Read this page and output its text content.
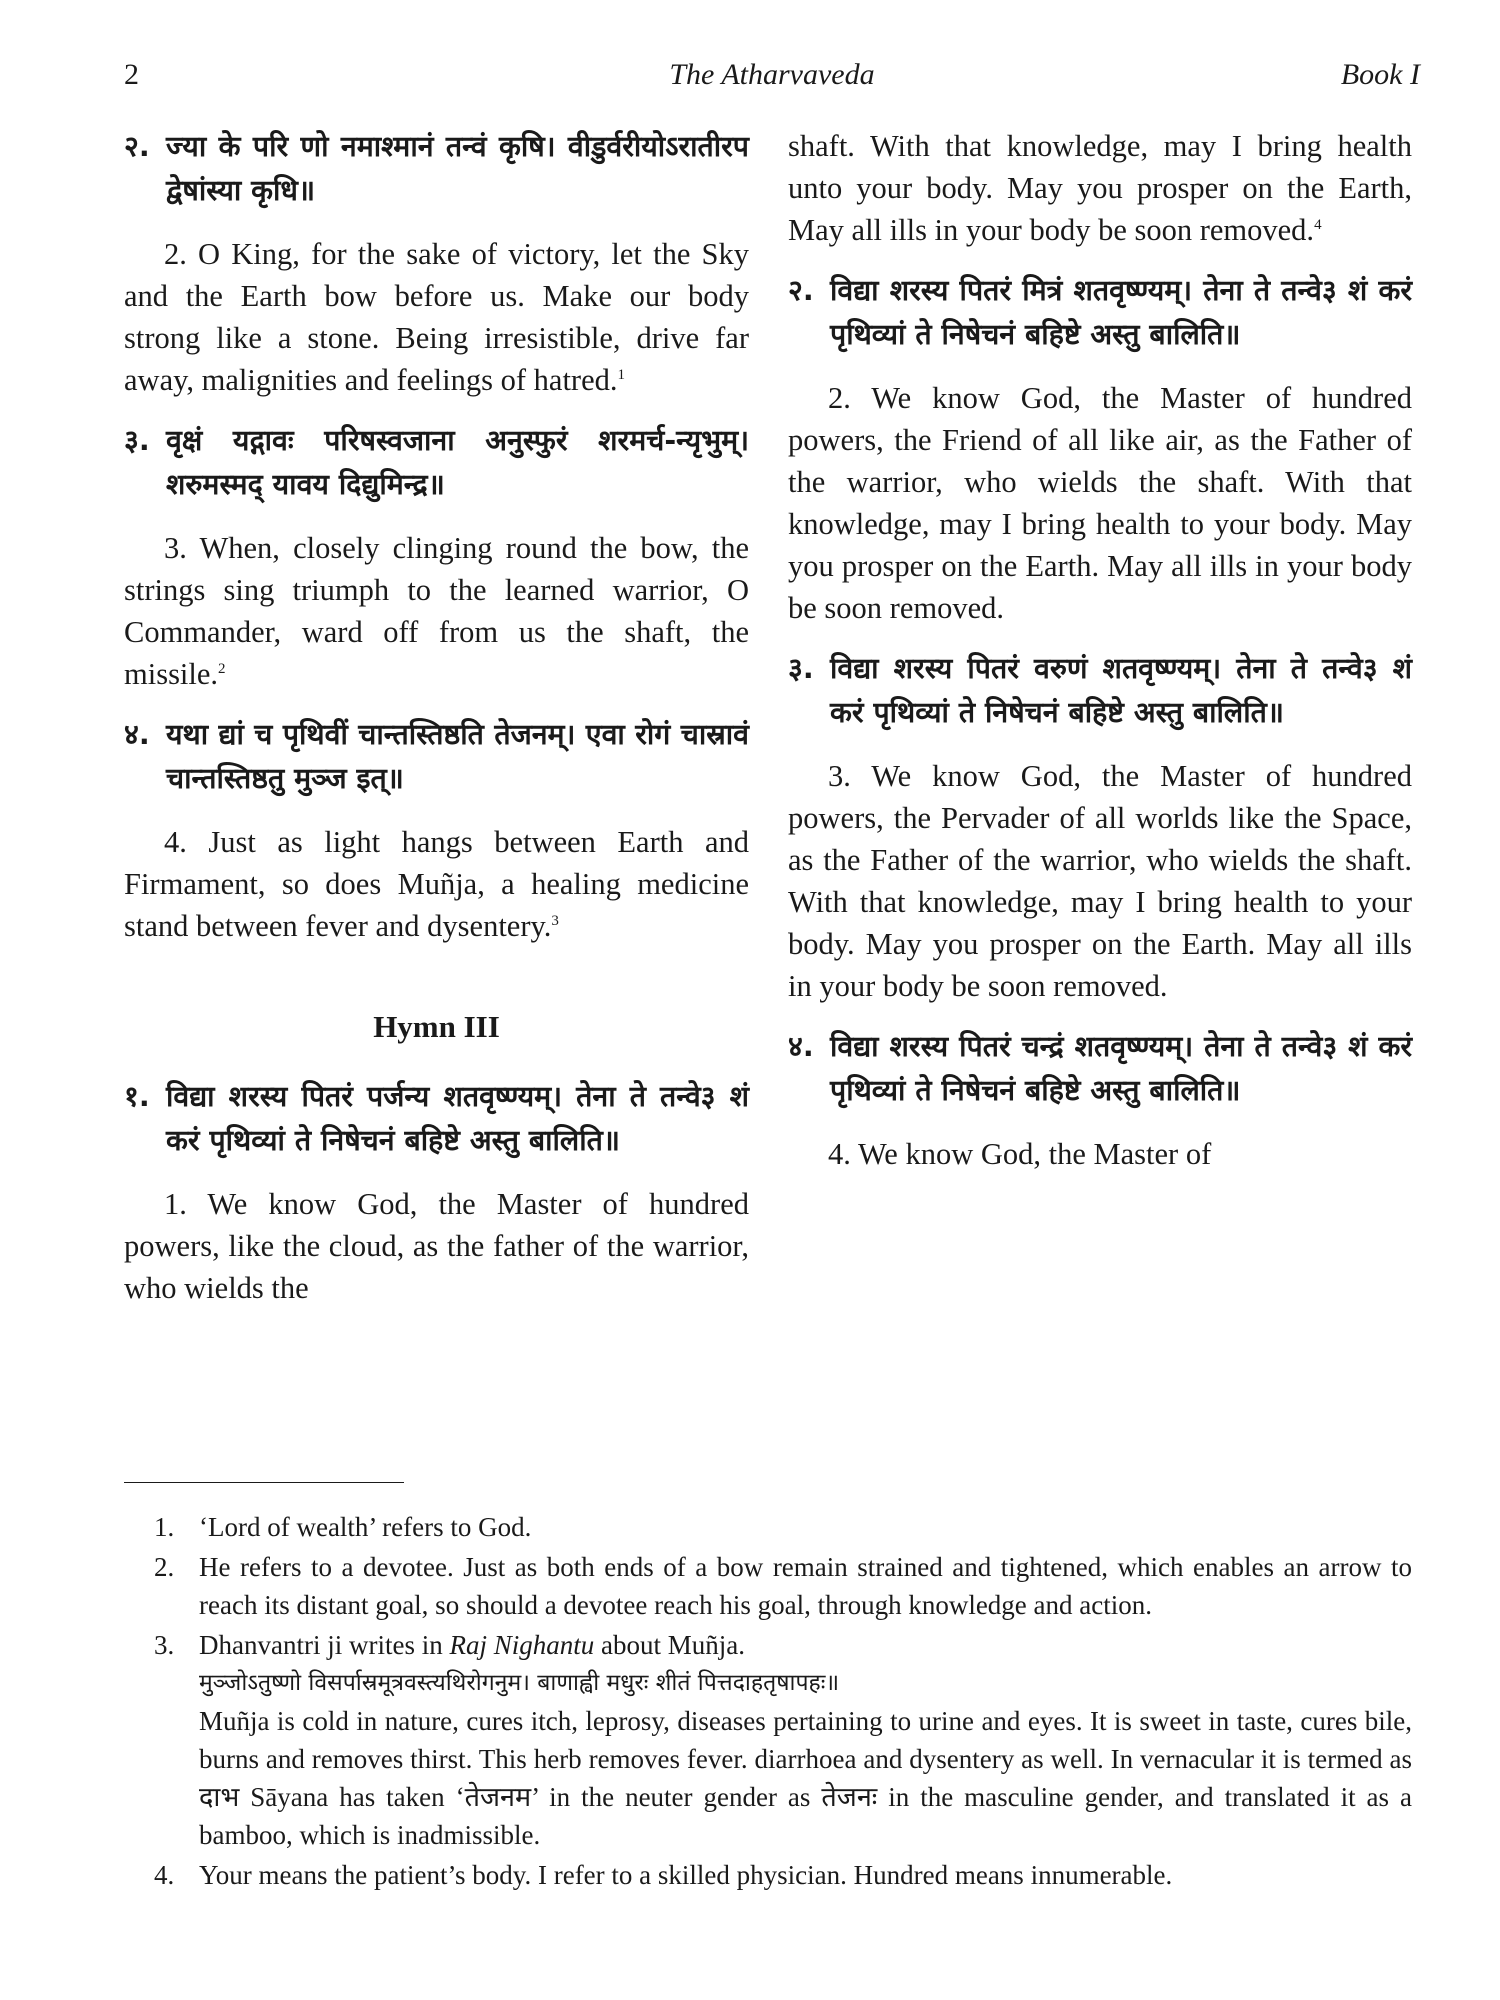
2	The Atharvaveda	Book I

२. ज्या के परि णो नमाश्मानं तन्वं कृषि। वीडुर्वरीयोऽरातीरप द्वेषांस्या कृधि॥

2. O King, for the sake of victory, let the Sky and the Earth bow before us. Make our body strong like a stone. Being irresistible, drive far away, malignities and feelings of hatred.$^1$

३. वृक्षं यद्गावः परिषस्वजाना अनुस्फुरं शरमर्च-न्यृभुम्। शरुमस्मद् यावय दिद्युमिन्द्र॥

3. When, closely clinging round the bow, the strings sing triumph to the learned warrior, O Commander, ward off from us the shaft, the missile.$^2$

४. यथा द्यां च पृथिवीं चान्तस्तिष्ठति तेजनम्। एवा रोगं चास्रावं चान्तस्तिष्ठतु मुञ्ज इत्॥

4. Just as light hangs between Earth and Firmament, so does Muñja, a healing medicine stand between fever and dysentery.$^3$

Hymn III

१. विद्या शरस्य पितरं पर्जन्य शतवृष्ण्यम्। तेना ते तन्वे३ शं करं पृथिव्यां ते निषेचनं बहिष्टे अस्तु बालिति॥

1. We know God, the Master of hundred powers, like the cloud, as the father of the warrior, who wields the

shaft. With that knowledge, may I bring health unto your body. May you prosper on the Earth, May all ills in your body be soon removed.$^4$

२. विद्या शरस्य पितरं मित्रं शतवृष्ण्यम्। तेना ते तन्वे३ शं करं पृथिव्यां ते निषेचनं बहिष्टे अस्तु बालिति॥

2. We know God, the Master of hundred powers, the Friend of all like air, as the Father of the warrior, who wields the shaft. With that knowledge, may I bring health to your body. May you prosper on the Earth. May all ills in your body be soon removed.

३. विद्या शरस्य पितरं वरुणं शतवृष्ण्यम्। तेना ते तन्वे३ शं करं पृथिव्यां ते निषेचनं बहिष्टे अस्तु बालिति॥

3. We know God, the Master of hundred powers, the Pervader of all worlds like the Space, as the Father of the warrior, who wields the shaft. With that knowledge, may I bring health to your body. May you prosper on the Earth. May all ills in your body be soon removed.

४. विद्या शरस्य पितरं चन्द्रं शतवृष्ण्यम्। तेना ते तन्वे३ शं करं पृथिव्यां ते निषेचनं बहिष्टे अस्तु बालिति॥

4. We know God, the Master of

1. ‘Lord of wealth’ refers to God.
2. He refers to a devotee. Just as both ends of a bow remain strained and tightened, which enables an arrow to reach its distant goal, so should a devotee reach his goal, through knowledge and action.
3. Dhanvantri ji writes in Raj Nighantu about Muñja.
मुञ्जोऽतुष्णो विसर्पास्रमूत्रवस्त्यथिरोगनुम। बाणाह्वी मधुरः शीतं पित्तदाहतृषापहः॥
Muñja is cold in nature, cures itch, leprosy, diseases pertaining to urine and eyes. It is sweet in taste, cures bile, burns and removes thirst. This herb removes fever. diarrhoea and dysentery as well. In vernacular it is termed as दाभ Sāyana has taken ‘तेजनम’ in the neuter gender as तेजनः in the masculine gender, and translated it as a bamboo, which is inadmissible.
4. Your means the patient’s body. I refer to a skilled physician. Hundred means innumerable.
